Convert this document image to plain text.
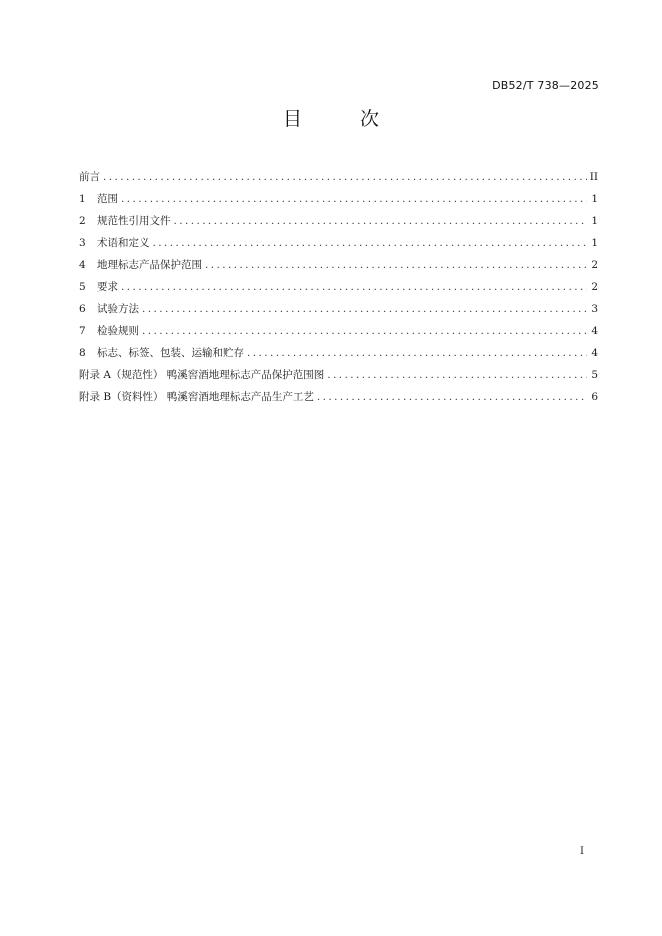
DB52/T 738—2025
目 次
前言 .....	II
1	范围 .....	1
2	规范性引用文件 .....	1
3	术语和定义 .....	1
4	地理标志产品保护范围 .....	2
5	要求 .....	2
6	试验方法 .....	3
7	检验规则 .....	4
8	标志、标签、包装、运输和贮存 .....	4
附录 A（规范性） 鸭溪窖酒地理标志产品保护范围图 .....	5
附录 B（资料性） 鸭溪窖酒地理标志产品生产工艺 .....	6
I
